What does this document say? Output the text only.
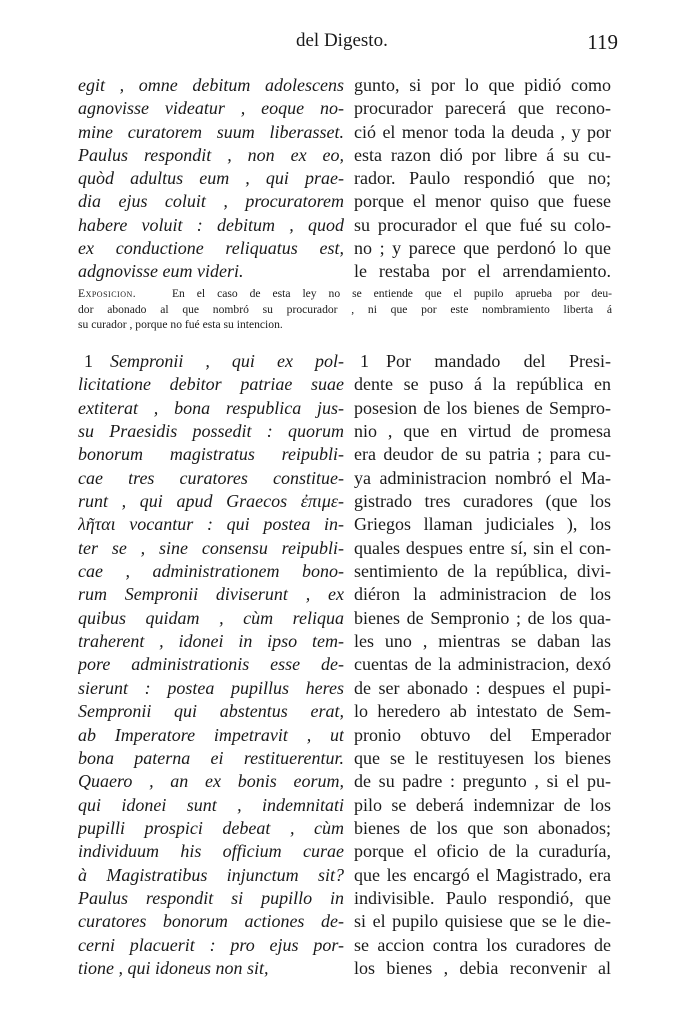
del Digesto.	119
egit , omne debitum adolescens
agnovisse videatur , eoque no-
mine curatorem suum liberasset.
Paulus respondit , non ex eo,
quòd adultus eum , qui prae-
dia ejus coluit , procuratorem
habere voluit : debitum , quod
ex conductione reliquatus est,
adgnovisse eum videri.
gunto, si por lo que pidió como
procurador parecerá que recono-
ció el menor toda la deuda , y por
esta razon dió por libre á su cu-
rador. Paulo respondió que no;
porque el menor quiso que fuese
su procurador el que fué su colo-
no ; y parece que perdonó lo que
le restaba por el arrendamiento.
Exposicion.	En el caso de esta ley no se entiende que el pupilo aprueba por deu-
dor abonado al que nombró su procurador , ni que por este nombramiento liberta á
su curador , porque no fué esta su intencion.
1 Sempronii , qui ex pol-
licitatione debitor patriae suae
extiterat , bona respublica jus-
su Praesidis possedit : quorum
bonorum magistratus reipubli-
cae tres curatores constitue-
runt , qui apud Graecos ἐπιμε-
λῆται vocantur : qui postea in-
ter se , sine consensu reipubli-
cae , administrationem bono-
rum Sempronii diviserunt , ex
quibus quidam , cùm reliqua
traherent , idonei in ipso tem-
pore administrationis esse de-
sierunt : postea pupillus heres
Sempronii qui abstentus erat,
ab Imperatore impetravit , ut
bona paterna ei restituerentur.
Quaero , an ex bonis eorum,
qui idonei sunt , indemnitati
pupilli prospici debeat , cùm
individuum his officium curae
à Magistratibus injunctum sit?
Paulus respondit si pupillo in
curatores bonorum actiones de-
cerni placuerit : pro ejus por-
tione , qui idoneus non sit,
1 Por mandado del Presi-
dente se puso á la república en
posesion de los bienes de Sempro-
nio , que en virtud de promesa
era deudor de su patria ; para cu-
ya administracion nombró el Ma-
gistrado tres curadores (que los
Griegos llaman judiciales ), los
quales despues entre sí, sin el con-
sentimiento de la república, divi-
diéron la administracion de los
bienes de Sempronio ; de los qua-
les uno , mientras se daban las
cuentas de la administracion, dexó
de ser abonado : despues el pupi-
lo heredero ab intestato de Sem-
pronio obtuvo del Emperador
que se le restituyesen los bienes
de su padre : pregunto , si el pu-
pilo se deberá indemnizar de los
bienes de los que son abonados;
porque el oficio de la curaduría,
que les encargó el Magistrado, era
indivisible. Paulo respondió, que
si el pupilo quisiese que se le die-
se accion contra los curadores de
los bienes , debia reconvenir al
